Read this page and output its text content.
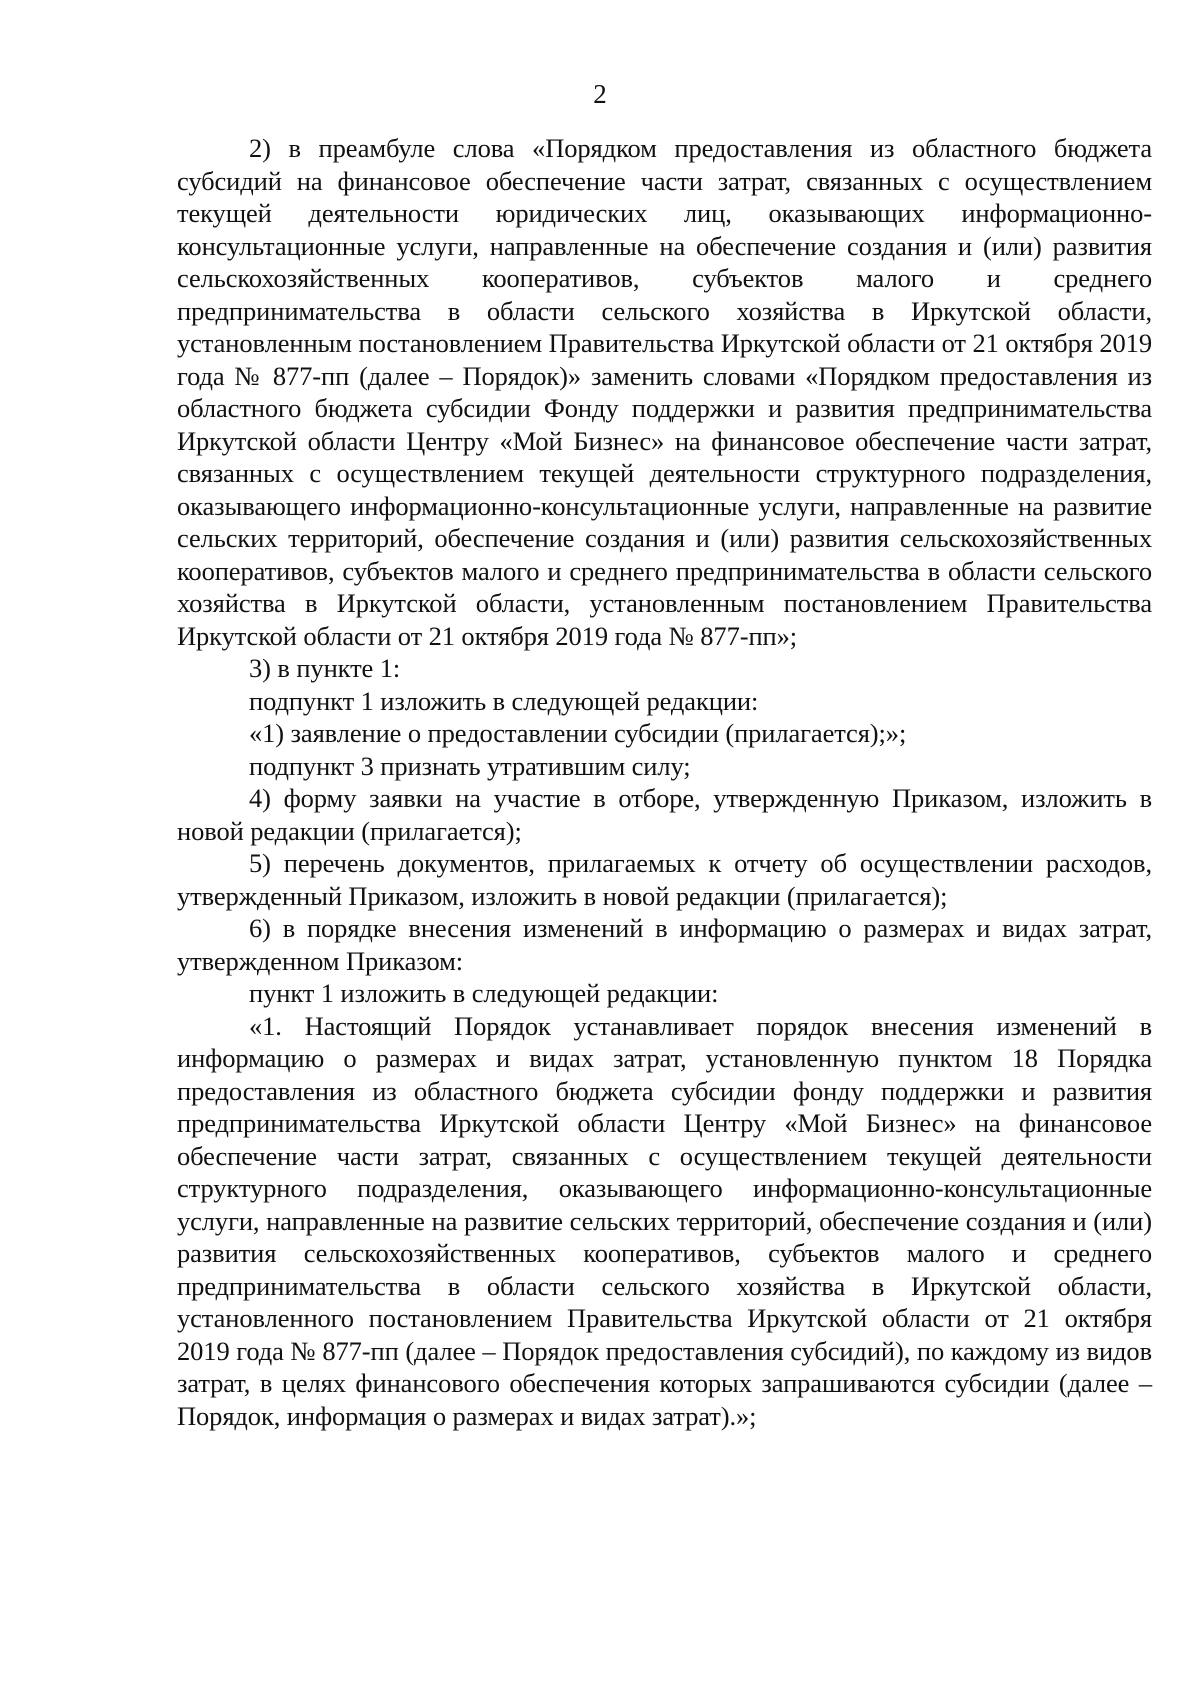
2

2) в преамбуле слова «Порядком предоставления из областного бюджета субсидий на финансовое обеспечение части затрат, связанных с осуществлением текущей деятельности юридических лиц, оказывающих информационно-консультационные услуги, направленные на обеспечение создания и (или) развития сельскохозяйственных кооперативов, субъектов малого и среднего предпринимательства в области сельского хозяйства в Иркутской области, установленным постановлением Правительства Иркутской области от 21 октября 2019 года № 877-пп (далее – Порядок)» заменить словами «Порядком предоставления из областного бюджета субсидии Фонду поддержки и развития предпринимательства Иркутской области Центру «Мой Бизнес» на финансовое обеспечение части затрат, связанных с осуществлением текущей деятельности структурного подразделения, оказывающего информационно-консультационные услуги, направленные на развитие сельских территорий, обеспечение создания и (или) развития сельскохозяйственных кооперативов, субъектов малого и среднего предпринимательства в области сельского хозяйства в Иркутской области, установленным постановлением Правительства Иркутской области от 21 октября 2019 года № 877-пп»;

3) в пункте 1:

подпункт 1 изложить в следующей редакции:

«1) заявление о предоставлении субсидии (прилагается);»;

подпункт 3 признать утратившим силу;

4) форму заявки на участие в отборе, утвержденную Приказом, изложить в новой редакции (прилагается);

5) перечень документов, прилагаемых к отчету об осуществлении расходов, утвержденный Приказом, изложить в новой редакции (прилагается);

6) в порядке внесения изменений в информацию о размерах и видах затрат, утвержденном Приказом:

пункт 1 изложить в следующей редакции:

«1. Настоящий Порядок устанавливает порядок внесения изменений в информацию о размерах и видах затрат, установленную пунктом 18 Порядка предоставления из областного бюджета субсидии фонду поддержки и развития предпринимательства Иркутской области Центру «Мой Бизнес» на финансовое обеспечение части затрат, связанных с осуществлением текущей деятельности структурного подразделения, оказывающего информационно-консультационные услуги, направленные на развитие сельских территорий, обеспечение создания и (или) развития сельскохозяйственных кооперативов, субъектов малого и среднего предпринимательства в области сельского хозяйства в Иркутской области, установленного постановлением Правительства Иркутской области от 21 октября 2019 года № 877-пп (далее – Порядок предоставления субсидий), по каждому из видов затрат, в целях финансового обеспечения которых запрашиваются субсидии (далее – Порядок, информация о размерах и видах затрат).»;
